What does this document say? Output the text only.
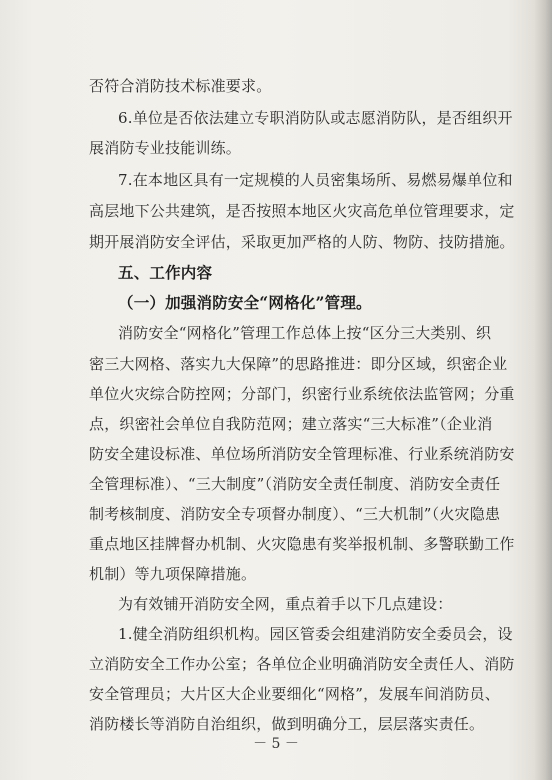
－ 5 －
否符合消防技术标准要求。
6.单位是否依法建立专职消防队或志愿消防队，是否组织开
展消防专业技能训练。
7.在本地区具有一定规模的人员密集场所、易燃易爆单位和
高层地下公共建筑，是否按照本地区火灾高危单位管理要求，定
期开展消防安全评估，采取更加严格的人防、物防、技防措施。
五、工作内容
（一）加强消防安全“网格化”管理。
消防安全“网格化”管理工作总体上按“区分三大类别、织
密三大网格、落实九大保障”的思路推进：即分区域，织密企业
单位火灾综合防控网；分部门，织密行业系统依法监管网；分重
点，织密社会单位自我防范网；建立落实“三大标准”（企业消
防安全建设标准、单位场所消防安全管理标准、行业系统消防安
全管理标准）、“三大制度”（消防安全责任制度、消防安全责任
制考核制度、消防安全专项督办制度）、“三大机制”（火灾隐患
重点地区挂牌督办机制、火灾隐患有奖举报机制、多警联勤工作
机制）等九项保障措施。
为有效铺开消防安全网，重点着手以下几点建设：
1.健全消防组织机构。园区管委会组建消防安全委员会，设
立消防安全工作办公室；各单位企业明确消防安全责任人、消防
安全管理员；大片区大企业要细化“网格”，发展车间消防员、
消防楼长等消防自治组织，做到明确分工，层层落实责任。
